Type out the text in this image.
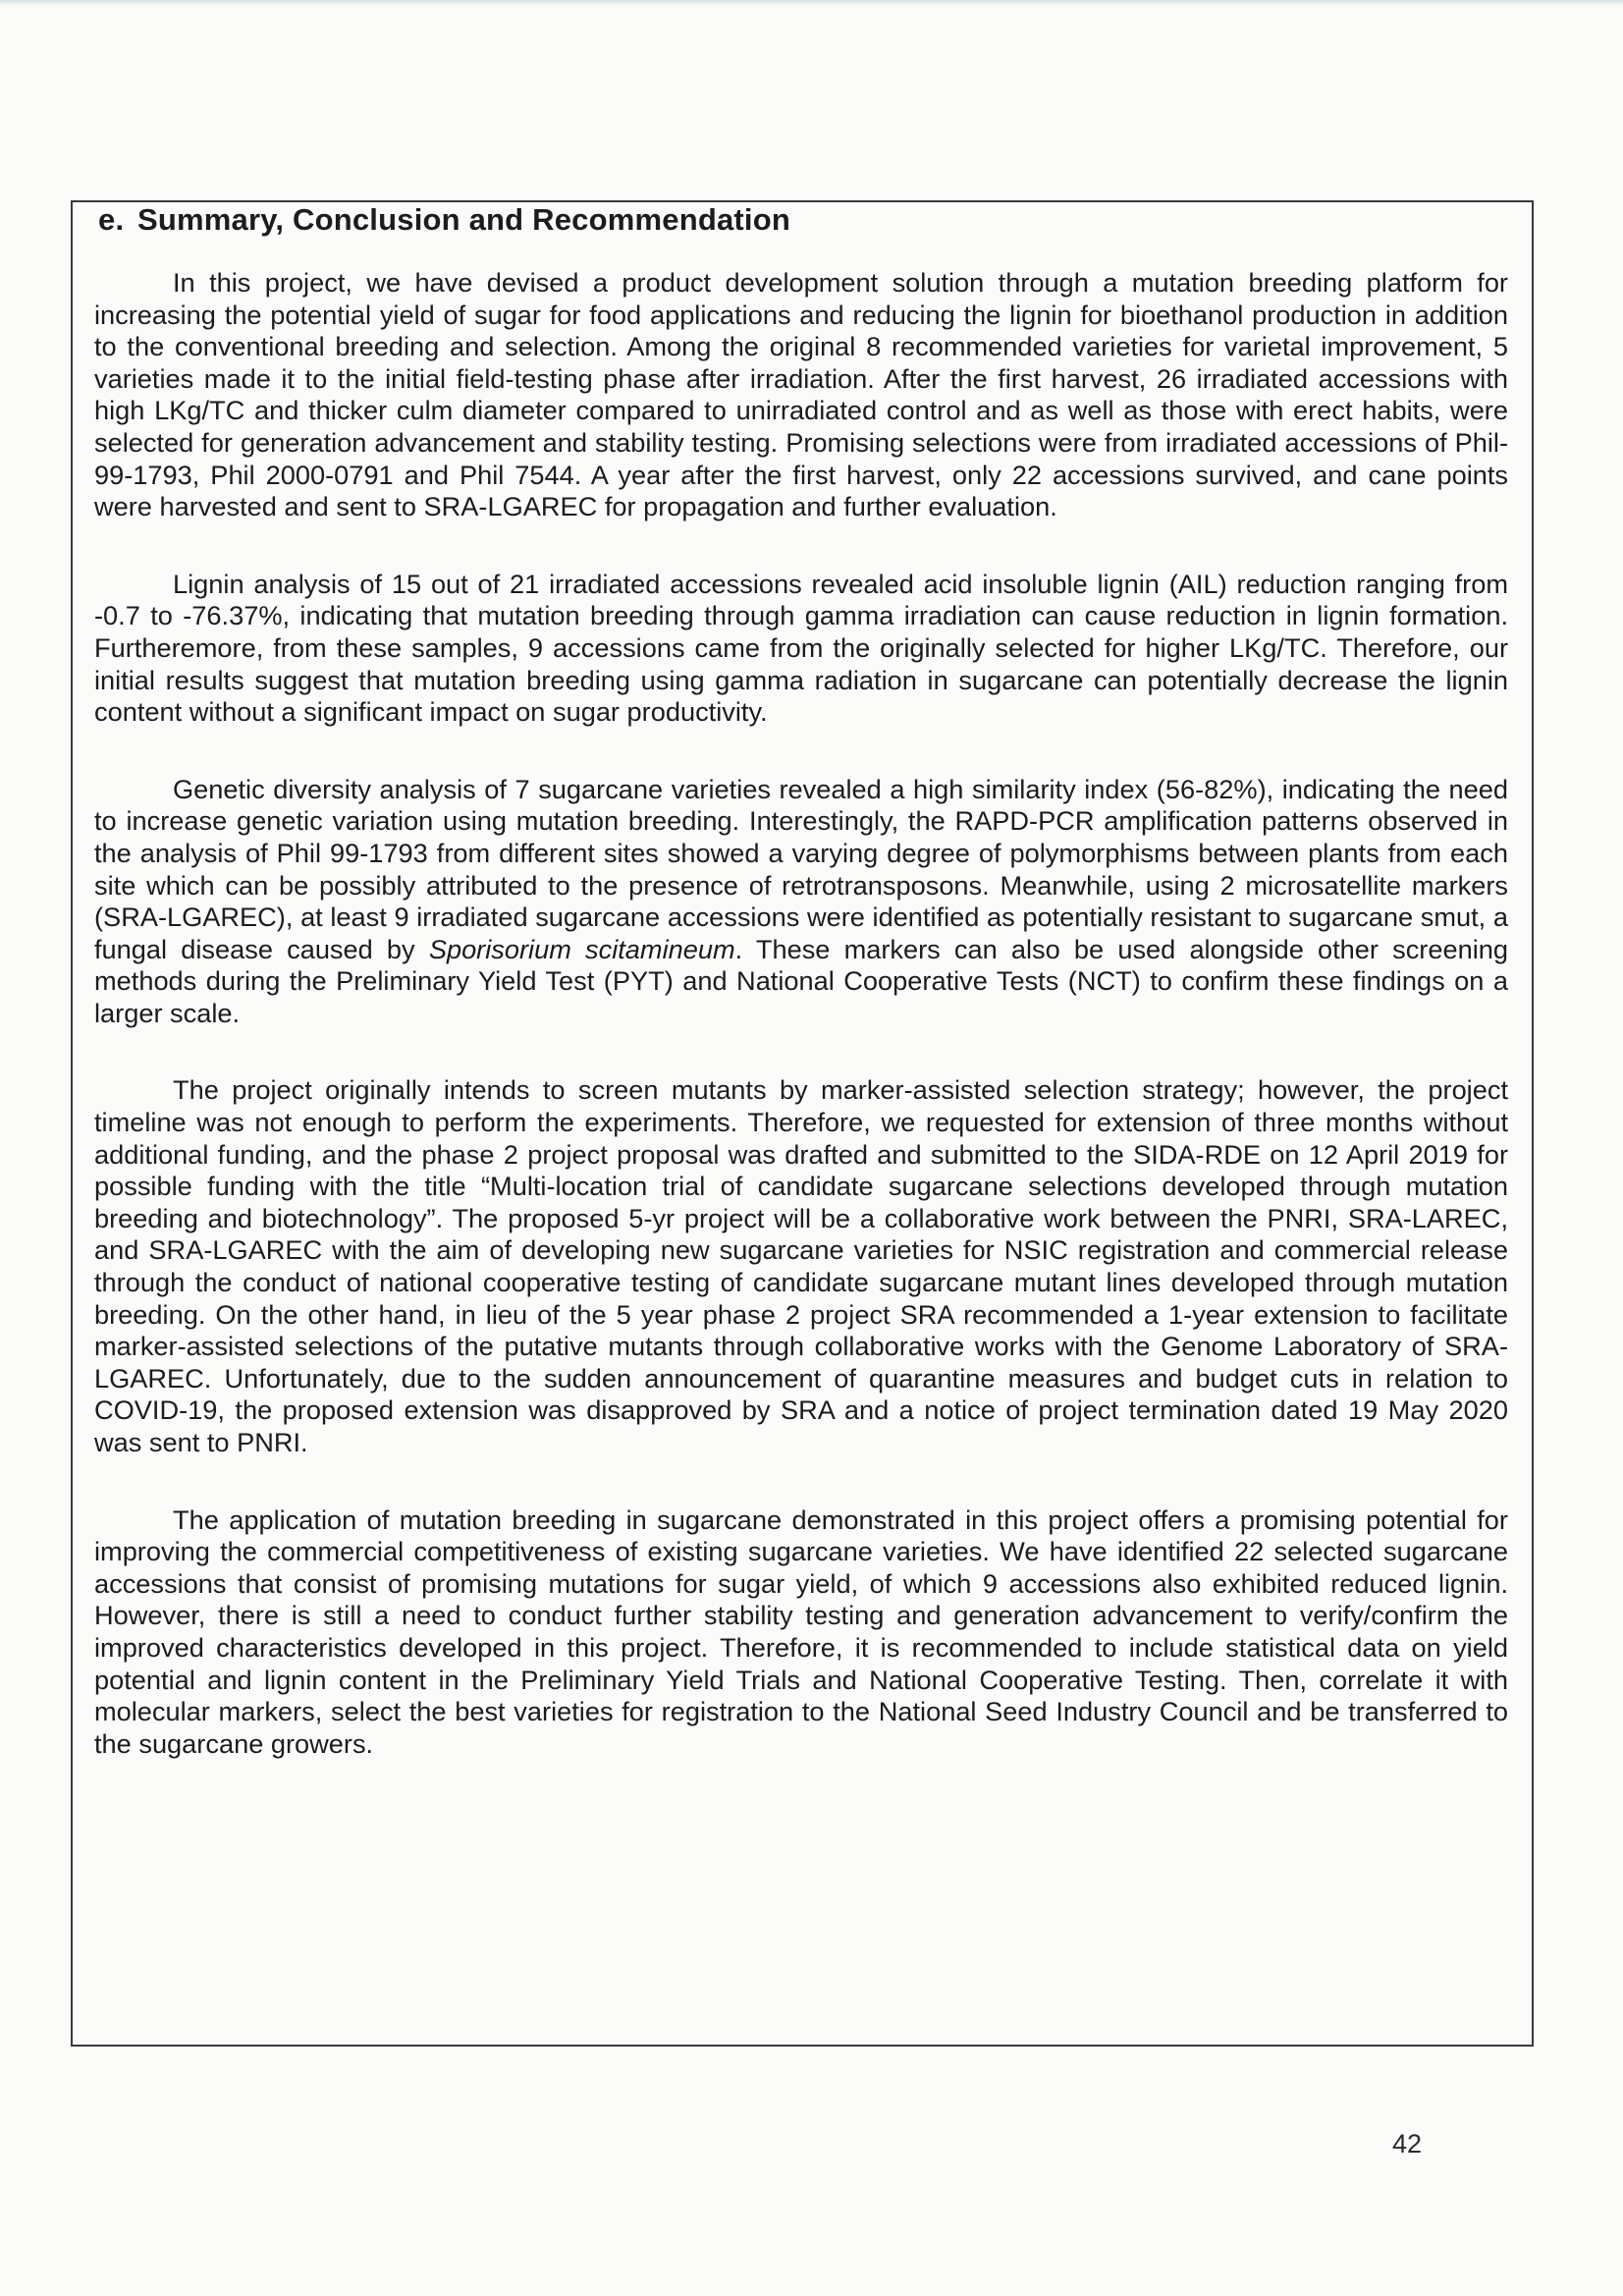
e. Summary, Conclusion and Recommendation

In this project, we have devised a product development solution through a mutation breeding platform for increasing the potential yield of sugar for food applications and reducing the lignin for bioethanol production in addition to the conventional breeding and selection. Among the original 8 recommended varieties for varietal improvement, 5 varieties made it to the initial field-testing phase after irradiation. After the first harvest, 26 irradiated accessions with high LKg/TC and thicker culm diameter compared to unirradiated control and as well as those with erect habits, were selected for generation advancement and stability testing. Promising selections were from irradiated accessions of Phil-99-1793, Phil 2000-0791 and Phil 7544. A year after the first harvest, only 22 accessions survived, and cane points were harvested and sent to SRA-LGAREC for propagation and further evaluation.

Lignin analysis of 15 out of 21 irradiated accessions revealed acid insoluble lignin (AIL) reduction ranging from -0.7 to -76.37%, indicating that mutation breeding through gamma irradiation can cause reduction in lignin formation. Furtheremore, from these samples, 9 accessions came from the originally selected for higher LKg/TC. Therefore, our initial results suggest that mutation breeding using gamma radiation in sugarcane can potentially decrease the lignin content without a significant impact on sugar productivity.

Genetic diversity analysis of 7 sugarcane varieties revealed a high similarity index (56-82%), indicating the need to increase genetic variation using mutation breeding. Interestingly, the RAPD-PCR amplification patterns observed in the analysis of Phil 99-1793 from different sites showed a varying degree of polymorphisms between plants from each site which can be possibly attributed to the presence of retrotransposons. Meanwhile, using 2 microsatellite markers (SRA-LGAREC), at least 9 irradiated sugarcane accessions were identified as potentially resistant to sugarcane smut, a fungal disease caused by Sporisorium scitamineum. These markers can also be used alongside other screening methods during the Preliminary Yield Test (PYT) and National Cooperative Tests (NCT) to confirm these findings on a larger scale.

The project originally intends to screen mutants by marker-assisted selection strategy; however, the project timeline was not enough to perform the experiments. Therefore, we requested for extension of three months without additional funding, and the phase 2 project proposal was drafted and submitted to the SIDA-RDE on 12 April 2019 for possible funding with the title “Multi-location trial of candidate sugarcane selections developed through mutation breeding and biotechnology”. The proposed 5-yr project will be a collaborative work between the PNRI, SRA-LAREC, and SRA-LGAREC with the aim of developing new sugarcane varieties for NSIC registration and commercial release through the conduct of national cooperative testing of candidate sugarcane mutant lines developed through mutation breeding. On the other hand, in lieu of the 5 year phase 2 project SRA recommended a 1-year extension to facilitate marker-assisted selections of the putative mutants through collaborative works with the Genome Laboratory of SRA-LGAREC. Unfortunately, due to the sudden announcement of quarantine measures and budget cuts in relation to COVID-19, the proposed extension was disapproved by SRA and a notice of project termination dated 19 May 2020 was sent to PNRI.

The application of mutation breeding in sugarcane demonstrated in this project offers a promising potential for improving the commercial competitiveness of existing sugarcane varieties. We have identified 22 selected sugarcane accessions that consist of promising mutations for sugar yield, of which 9 accessions also exhibited reduced lignin. However, there is still a need to conduct further stability testing and generation advancement to verify/confirm the improved characteristics developed in this project. Therefore, it is recommended to include statistical data on yield potential and lignin content in the Preliminary Yield Trials and National Cooperative Testing. Then, correlate it with molecular markers, select the best varieties for registration to the National Seed Industry Council and be transferred to the sugarcane growers.

42
